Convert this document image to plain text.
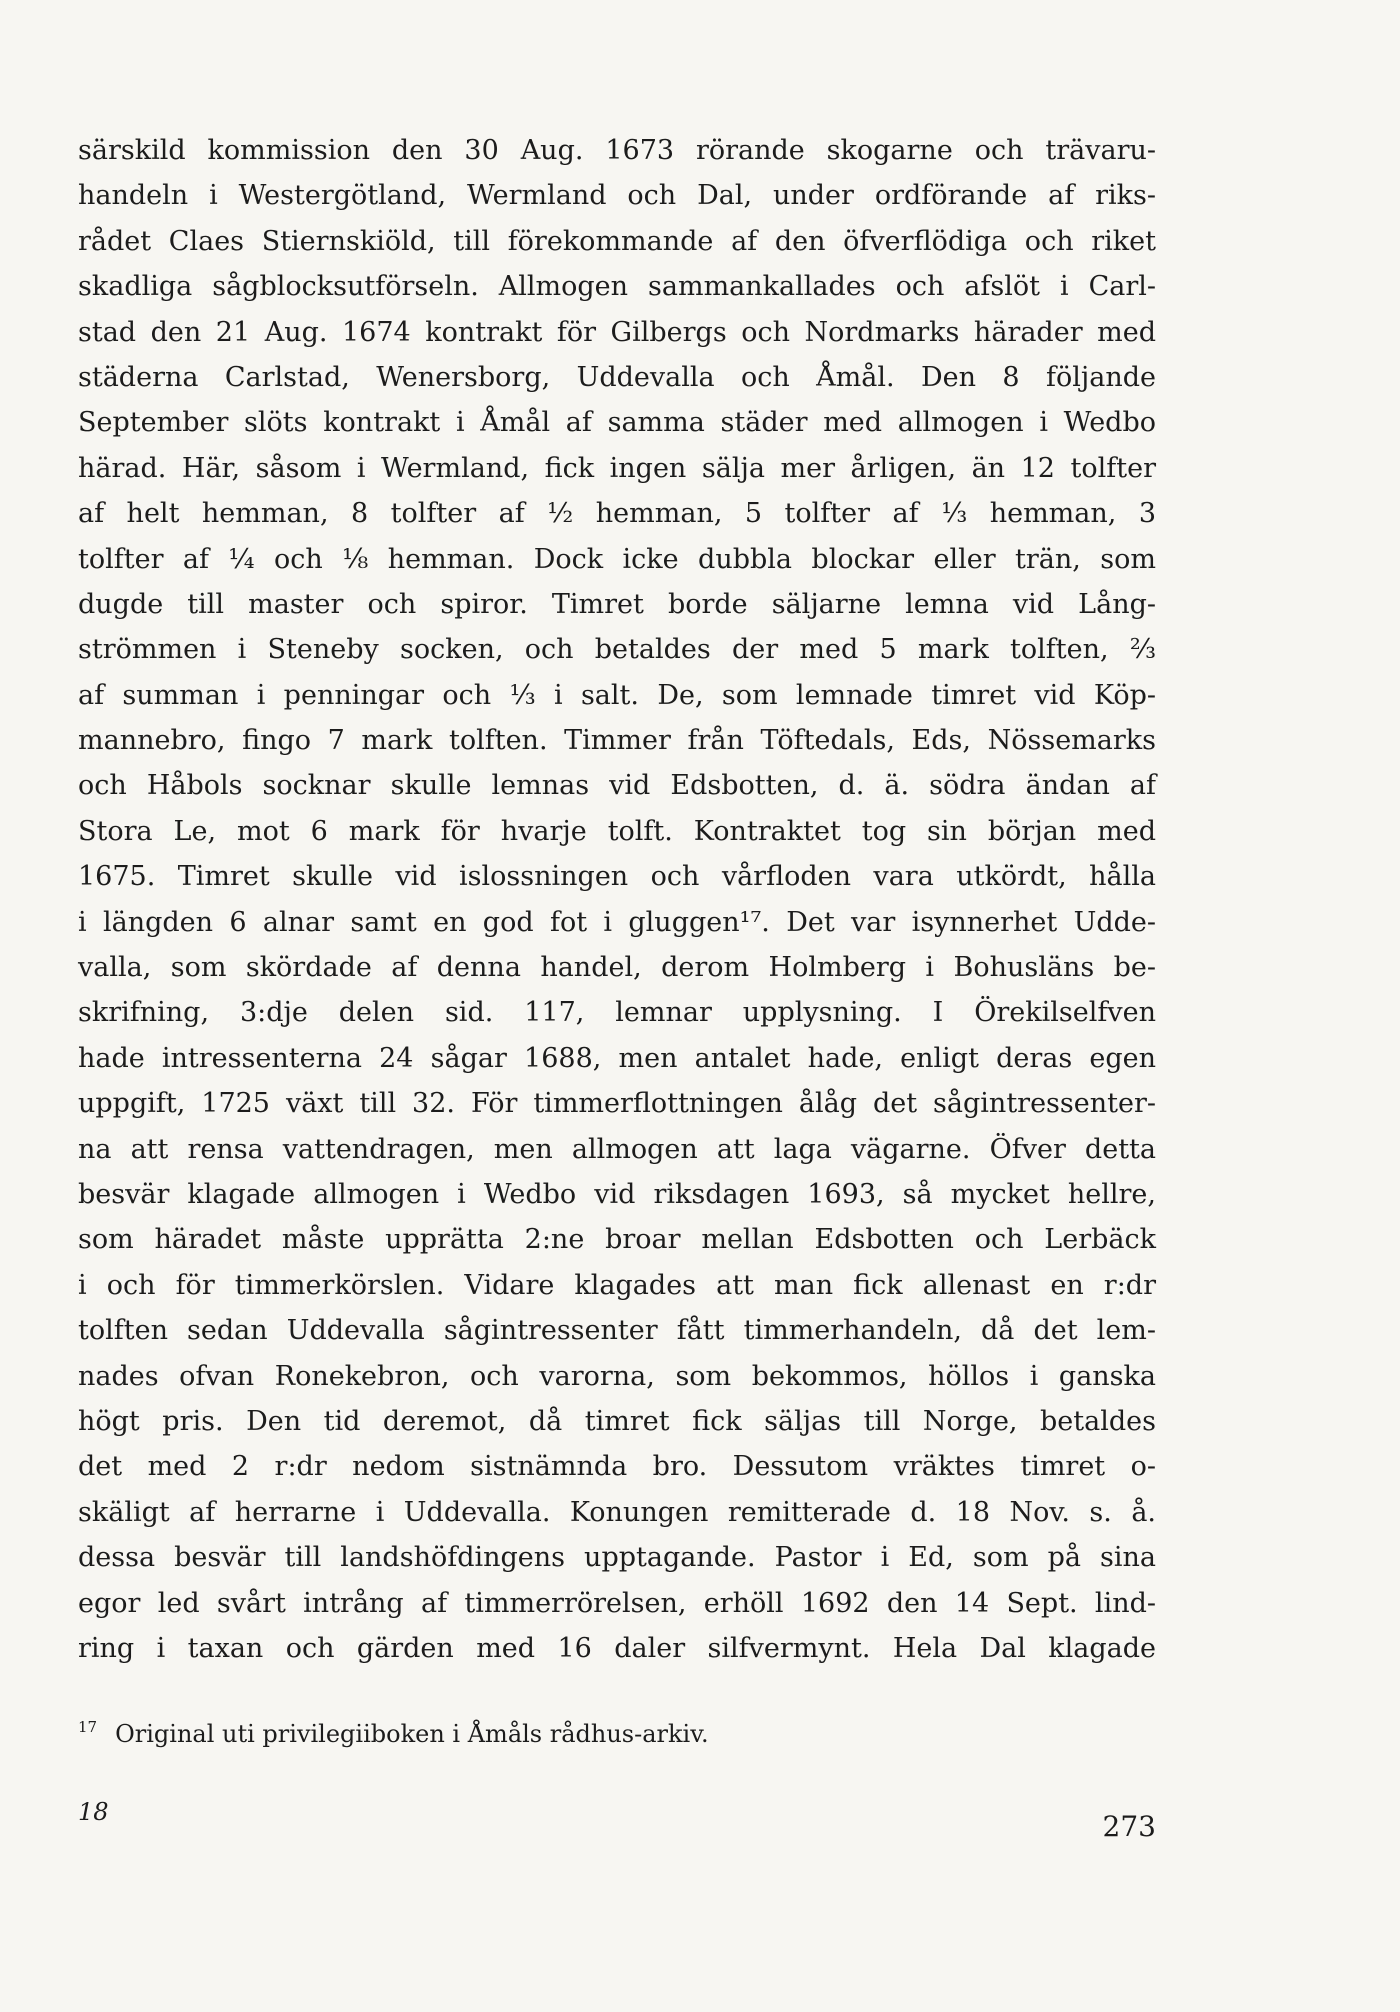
särskild kommission den 30 Aug. 1673 rörande skogarne och trävaru-
handeln i Westergötland, Wermland och Dal, under ordförande af riks-
rådet Claes Stiernskiöld, till förekommande af den öfverflödiga och riket
skadliga sågblocksutförseln. Allmogen sammankallades och afslöt i Carl-
stad den 21 Aug. 1674 kontrakt för Gilbergs och Nordmarks härader med
städerna Carlstad, Wenersborg, Uddevalla och Åmål. Den 8 följande
September slöts kontrakt i Åmål af samma städer med allmogen i Wedbo
härad. Här, såsom i Wermland, fick ingen sälja mer årligen, än 12 tolfter
af helt hemman, 8 tolfter af ½ hemman, 5 tolfter af ⅓ hemman, 3
tolfter af ¼ och ⅛ hemman. Dock icke dubbla blockar eller trän, som
dugde till master och spiror. Timret borde säljarne lemna vid Lång-
strömmen i Steneby socken, och betaldes der med 5 mark tolften, ⅔
af summan i penningar och ⅓ i salt. De, som lemnade timret vid Köp-
mannebro, fingo 7 mark tolften. Timmer från Töftedals, Eds, Nössemarks
och Håbols socknar skulle lemnas vid Edsbotten, d. ä. södra ändan af
Stora Le, mot 6 mark för hvarje tolft. Kontraktet tog sin början med
1675. Timret skulle vid islossningen och vårfloden vara utkördt, hålla
i längden 6 alnar samt en god fot i gluggen¹⁷. Det var isynnerhet Udde-
valla, som skördade af denna handel, derom Holmberg i Bohusläns be-
skrifning, 3:dje delen sid. 117, lemnar upplysning. I Örekilselfven
hade intressenterna 24 sågar 1688, men antalet hade, enligt deras egen
uppgift, 1725 växt till 32. För timmerflottningen ålåg det sågintressenter-
na att rensa vattendragen, men allmogen att laga vägarne. Öfver detta
besvär klagade allmogen i Wedbo vid riksdagen 1693, så mycket hellre,
som häradet måste upprätta 2:ne broar mellan Edsbotten och Lerbäck
i och för timmerkörslen. Vidare klagades att man fick allenast en r:dr
tolften sedan Uddevalla sågintressenter fått timmerhandeln, då det lem-
nades ofvan Ronekebron, och varorna, som bekommos, höllos i ganska
högt pris. Den tid deremot, då timret fick säljas till Norge, betaldes
det med 2 r:dr nedom sistnämnda bro. Dessutom vräktes timret o-
skäligt af herrarne i Uddevalla. Konungen remitterade d. 18 Nov. s. å.
dessa besvär till landshöfdingens upptagande. Pastor i Ed, som på sina
egor led svårt intrång af timmerrörelsen, erhöll 1692 den 14 Sept. lind-
ring i taxan och gärden med 16 daler silfvermynt. Hela Dal klagade
$^{17}$ Original uti privilegiiboken i Åmåls rådhus-arkiv.
18	273
